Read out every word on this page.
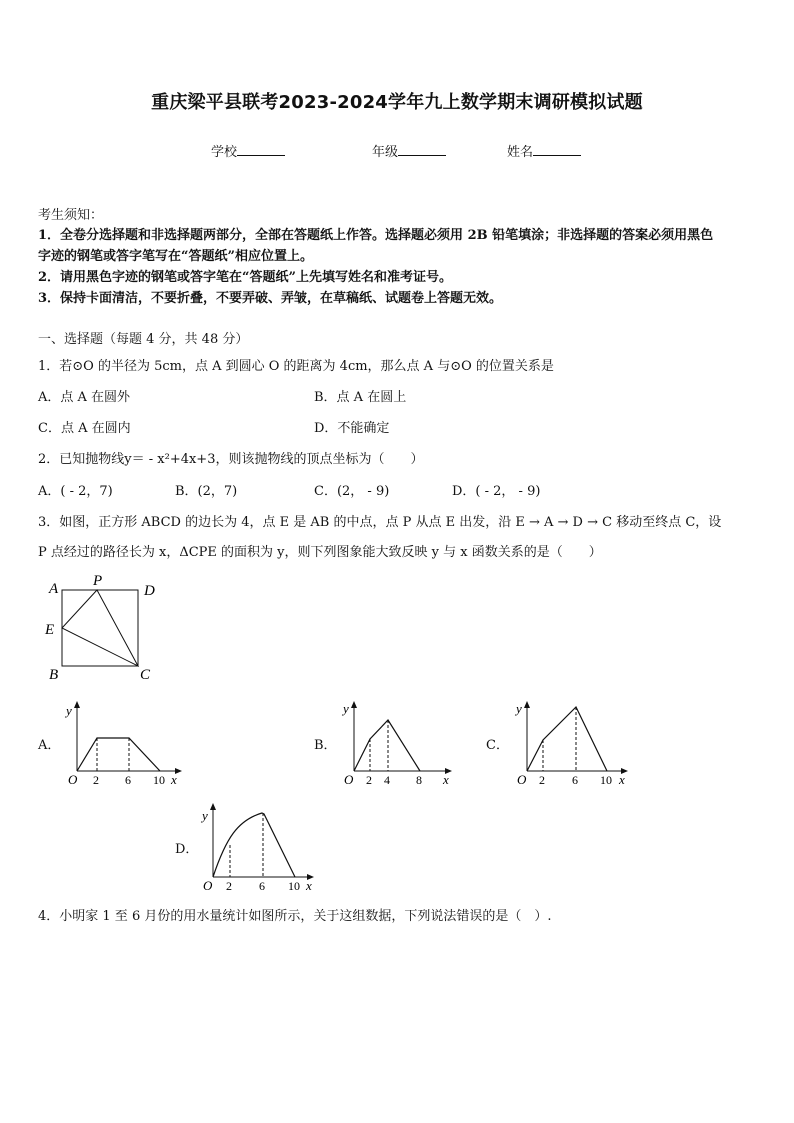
重庆梁平县联考2023-2024学年九上数学期末调研模拟试题
学校	年级	姓名
考生须知：
1．全卷分选择题和非选择题两部分，全部在答题纸上作答。选择题必须用 2B 铅笔填涂；非选择题的答案必须用黑色
字迹的钢笔或答字笔写在“答题纸”相应位置上。
2．请用黑色字迹的钢笔或答字笔在“答题纸”上先填写姓名和准考证号。
3．保持卡面清洁，不要折叠，不要弄破、弄皱，在草稿纸、试题卷上答题无效。
一、选择题（每题 4 分，共 48 分）
1．若⊙O 的半径为 5cm，点 A 到圆心 O 的距离为 4cm，那么点 A 与⊙O 的位置关系是
A．点 A 在圆外	B．点 A 在圆上
C．点 A 在圆内	D．不能确定
2．已知抛物线y＝ - x²+4x+3，则该抛物线的顶点坐标为（　　）
A．( - 2，7)	B．(2，7)	C．(2， - 9)	D．( - 2， - 9)
3．如图，正方形 ABCD 的边长为 4，点 E 是 AB 的中点，点 P 从点 E 出发，沿 E → A → D → C 移动至终点 C，设
P 点经过的路径长为 x，ΔCPE 的面积为 y，则下列图象能大致反映 y 与 x 函数关系的是（　　）
A P
D
E
B	C
A．
O 2 6 10 x
y
B．
O 2 4 8 x
y
C．
O 2 6 10 x
y
D．
O 2 6 10 x
y
4．小明家 1 至 6 月份的用水量统计如图所示，关于这组数据，下列说法错误的是（　）.
